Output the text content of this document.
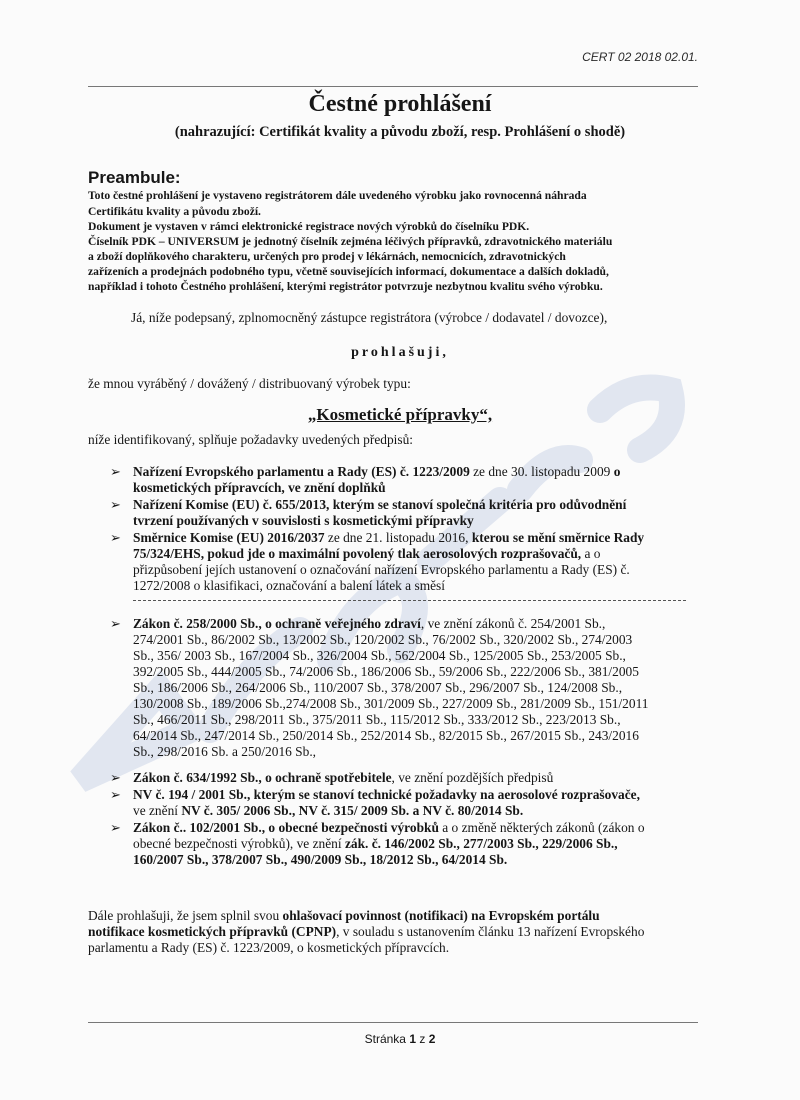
CERT 02 2018 02.01.
Čestné prohlášení
(nahrazující: Certifikát kvality a původu zboží, resp. Prohlášení o shodě)
Preambule:
Toto čestné prohlášení je vystaveno registrátorem dále uvedeného výrobku jako rovnocenná náhrada
Certifikátu kvality a původu zboží.
Dokument je vystaven v rámci elektronické registrace nových výrobků do číselníku PDK.
Číselník PDK – UNIVERSUM je jednotný číselník zejména léčivých přípravků, zdravotnického materiálu
a zboží doplňkového charakteru, určených pro prodej v lékárnách, nemocnicích, zdravotnických
zařízeních a prodejnách podobného typu, včetně souvisejících informací, dokumentace a dalších dokladů,
například i tohoto Čestného prohlášení, kterými registrátor potvrzuje nezbytnou kvalitu svého výrobku.
Já, níže podepsaný, zplnomocněný zástupce registrátora (výrobce / dodavatel / dovozce),
prohlašuji,
že mnou vyráběný / dovážený / distribuovaný výrobek typu:
„Kosmetické přípravky“,
níže identifikovaný, splňuje požadavky uvedených předpisů:
➢ Nařízení Evropského parlamentu a Rady (ES) č. 1223/2009 ze dne 30. listopadu 2009 o
kosmetických přípravcích, ve znění doplňků
➢ Nařízení Komise (EU) č. 655/2013, kterým se stanoví společná kritéria pro odůvodnění
tvrzení používaných v souvislosti s kosmetickými přípravky
➢ Směrnice Komise (EU) 2016/2037 ze dne 21. listopadu 2016, kterou se mění směrnice Rady
75/324/EHS, pokud jde o maximální povolený tlak aerosolových rozprašovačů, a o
přizpůsobení jejích ustanovení o označování nařízení Evropského parlamentu a Rady (ES) č.
1272/2008 o klasifikaci, označování a balení látek a směsí
➢ Zákon č. 258/2000 Sb., o ochraně veřejného zdraví, ve znění zákonů č. 254/2001 Sb.,
274/2001 Sb., 86/2002 Sb., 13/2002 Sb., 120/2002 Sb., 76/2002 Sb., 320/2002 Sb., 274/2003
Sb., 356/ 2003 Sb., 167/2004 Sb., 326/2004 Sb., 562/2004 Sb., 125/2005 Sb., 253/2005 Sb.,
392/2005 Sb., 444/2005 Sb., 74/2006 Sb., 186/2006 Sb., 59/2006 Sb., 222/2006 Sb., 381/2005
Sb., 186/2006 Sb., 264/2006 Sb., 110/2007 Sb., 378/2007 Sb., 296/2007 Sb., 124/2008 Sb.,
130/2008 Sb., 189/2006 Sb.,274/2008 Sb., 301/2009 Sb., 227/2009 Sb., 281/2009 Sb., 151/2011
Sb., 466/2011 Sb., 298/2011 Sb., 375/2011 Sb., 115/2012 Sb., 333/2012 Sb., 223/2013 Sb.,
64/2014 Sb., 247/2014 Sb., 250/2014 Sb., 252/2014 Sb., 82/2015 Sb., 267/2015 Sb., 243/2016
Sb., 298/2016 Sb. a 250/2016 Sb.,
➢ Zákon č. 634/1992 Sb., o ochraně spotřebitele, ve znění pozdějších předpisů
➢ NV č. 194 / 2001 Sb., kterým se stanoví technické požadavky na aerosolové rozprašovače,
ve znění NV č. 305/ 2006 Sb., NV č. 315/ 2009 Sb. a NV č. 80/2014 Sb.
➢ Zákon č.. 102/2001 Sb., o obecné bezpečnosti výrobků a o změně některých zákonů (zákon o
obecné bezpečnosti výrobků), ve znění zák. č. 146/2002 Sb., 277/2003 Sb., 229/2006 Sb.,
160/2007 Sb., 378/2007 Sb., 490/2009 Sb., 18/2012 Sb., 64/2014 Sb.
Dále prohlašuji, že jsem splnil svou ohlašovací povinnost (notifikaci) na Evropském portálu
notifikace kosmetických přípravků (CPNP), v souladu s ustanovením článku 13 nařízení Evropského
parlamentu a Rady (ES) č. 1223/2009, o kosmetických přípravcích.
Stránka 1 z 2
